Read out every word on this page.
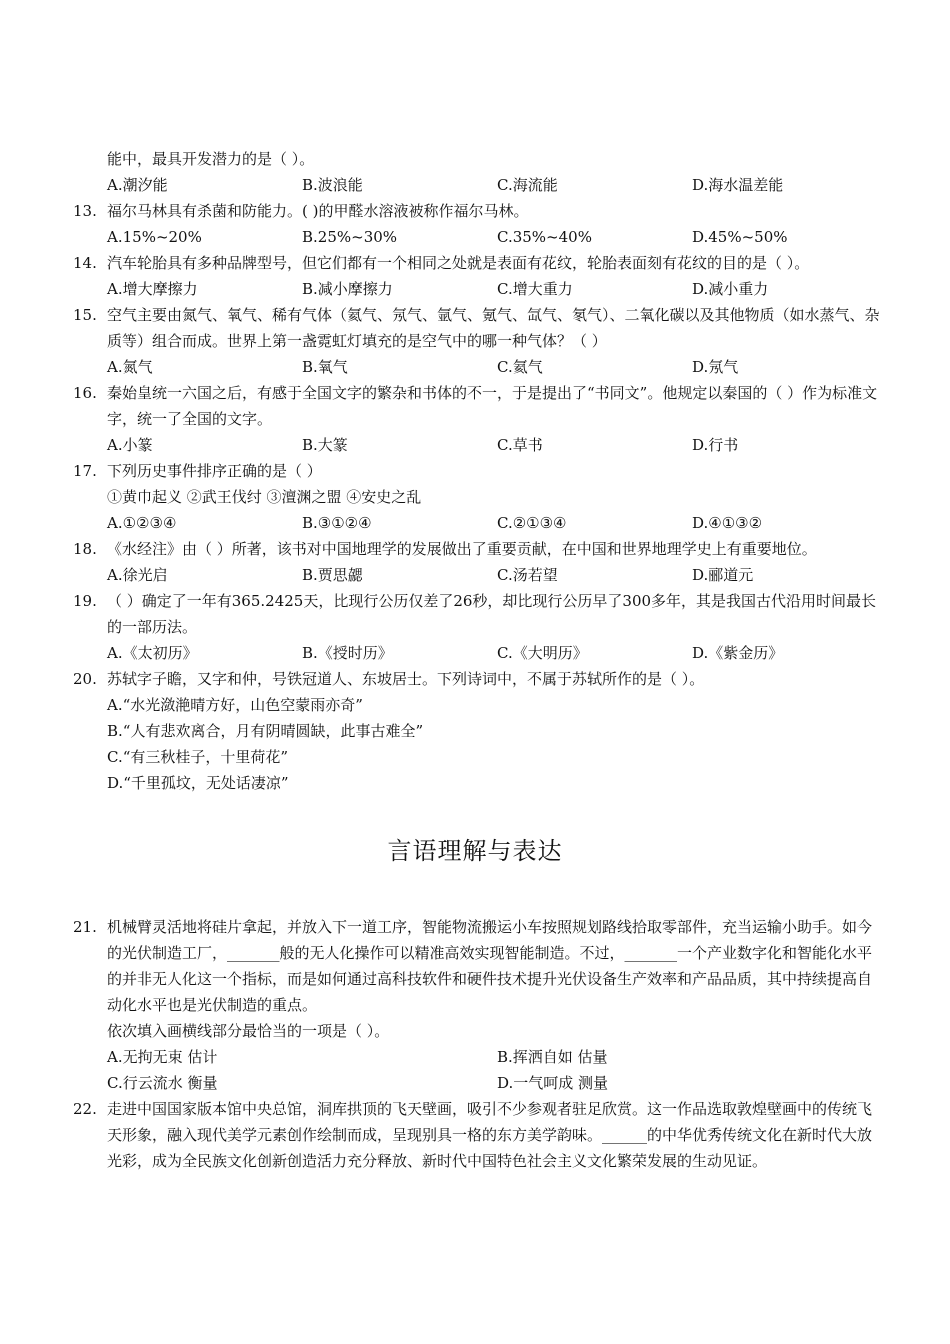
能中，最具开发潜力的是（ ）。
A.潮汐能	B.波浪能	C.海流能	D.海水温差能
13. 福尔马林具有杀菌和防能力。( )的甲醛水溶液被称作福尔马林。
A.15%~20%	B.25%~30%	C.35%~40%	D.45%~50%
14. 汽车轮胎具有多种品牌型号，但它们都有一个相同之处就是表面有花纹，轮胎表面刻有花纹的目的是（ ）。
A.增大摩擦力	B.减小摩擦力	C.增大重力	D.减小重力
15. 空气主要由氮气、氧气、稀有气体（氦气、氖气、氩气、氪气、氙气、氡气）、二氧化碳以及其他物质（如水蒸气、杂质等）组合而成。世界上第一盏霓虹灯填充的是空气中的哪一种气体？（ ）
A.氮气	B.氧气	C.氦气	D.氖气
16. 秦始皇统一六国之后，有感于全国文字的繁杂和书体的不一，于是提出了“书同文”。他规定以秦国的（ ）作为标准文字，统一了全国的文字。
A.小篆	B.大篆	C.草书	D.行书
17. 下列历史事件排序正确的是（ ）
①黄巾起义 ②武王伐纣 ③澶渊之盟 ④安史之乱
A.①②③④	B.③①②④	C.②①③④	D.④①③②
18. 《水经注》由（ ）所著，该书对中国地理学的发展做出了重要贡献，在中国和世界地理学史上有重要地位。
A.徐光启	B.贾思勰	C.汤若望	D.郦道元
19. （ ）确定了一年有365.2425天，比现行公历仅差了26秒，却比现行公历早了300多年，其是我国古代沿用时间最长的一部历法。
A.《太初历》	B.《授时历》	C.《大明历》	D.《紫金历》
20. 苏轼字子瞻，又字和仲，号铁冠道人、东坡居士。下列诗词中，不属于苏轼所作的是（ ）。
A.“水光潋滟晴方好，山色空蒙雨亦奇”
B.“人有悲欢离合，月有阴晴圆缺，此事古难全”
C.“有三秋桂子，十里荷花”
D.“千里孤坟，无处话凄凉”
言语理解与表达
21. 机械臂灵活地将硅片拿起，并放入下一道工序，智能物流搬运小车按照规划路线拾取零部件，充当运输小助手。如今的光伏制造工厂，_______般的无人化操作可以精准高效实现智能制造。不过，_______一个产业数字化和智能化水平的并非无人化这一个指标，而是如何通过高科技软件和硬件技术提升光伏设备生产效率和产品品质，其中持续提高自动化水平也是光伏制造的重点。
依次填入画横线部分最恰当的一项是（ ）。
A.无拘无束 估计	B.挥洒自如 估量
C.行云流水 衡量	D.一气呵成 测量
22. 走进中国国家版本馆中央总馆，洞库拱顶的飞天壁画，吸引不少参观者驻足欣赏。这一作品选取敦煌壁画中的传统飞天形象，融入现代美学元素创作绘制而成，呈现别具一格的东方美学韵味。______的中华优秀传统文化在新时代大放光彩，成为全民族文化创新创造活力充分释放、新时代中国特色社会主义文化繁荣发展的生动见证。
